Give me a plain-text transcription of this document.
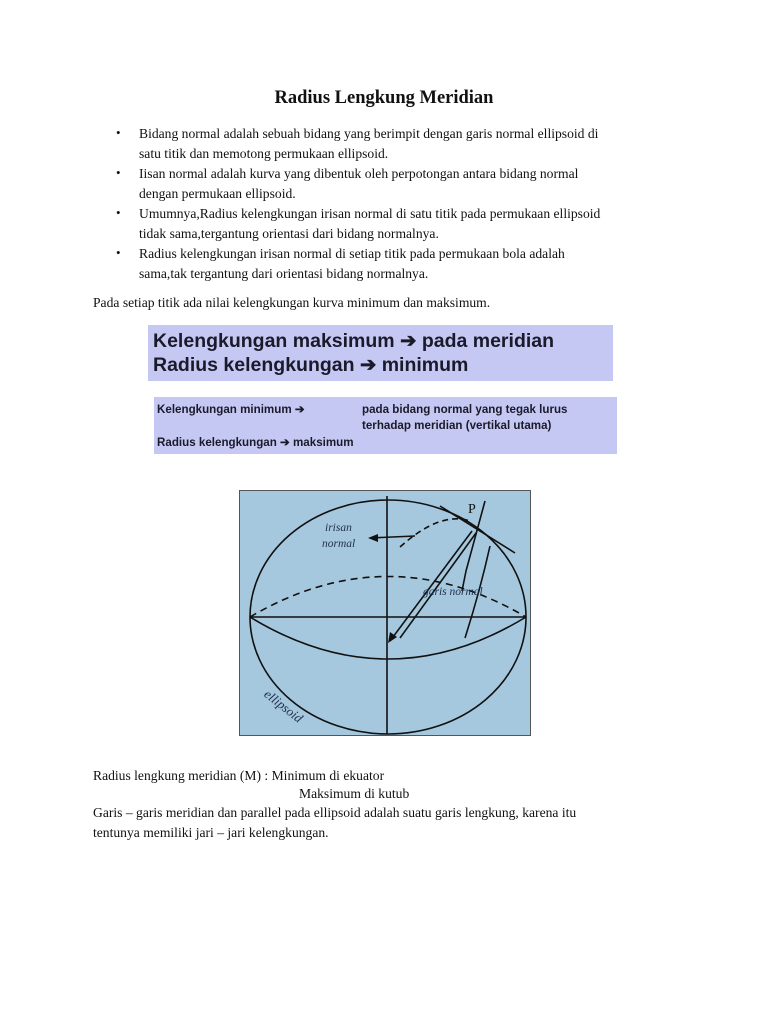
Radius Lengkung Meridian
• Bidang normal adalah sebuah bidang yang berimpit dengan garis normal ellipsoid di
satu titik dan memotong permukaan ellipsoid.
• Iisan normal adalah kurva yang dibentuk oleh perpotongan antara bidang normal
dengan permukaan ellipsoid.
• Umumnya,Radius kelengkungan irisan normal di satu titik pada permukaan ellipsoid
tidak sama,tergantung orientasi dari bidang normalnya.
• Radius kelengkungan irisan normal di setiap titik pada permukaan bola adalah
sama,tak tergantung dari orientasi bidang normalnya.
Pada setiap titik ada nilai kelengkungan kurva minimum dan maksimum.
Kelengkungan maksimum ➔ pada meridian
Radius kelengkungan ➔ minimum
Kelengkungan minimum ➔	pada bidang normal yang tegak lurus
terhadap meridian (vertikal utama)
Radius kelengkungan ➔ maksimum
P
irisan
normal
garis normal
ellipsoid
Radius lengkung meridian (M) : Minimum di ekuator
Maksimum di kutub
Garis – garis meridian dan parallel pada ellipsoid adalah suatu garis lengkung, karena itu
tentunya memiliki jari – jari kelengkungan.
